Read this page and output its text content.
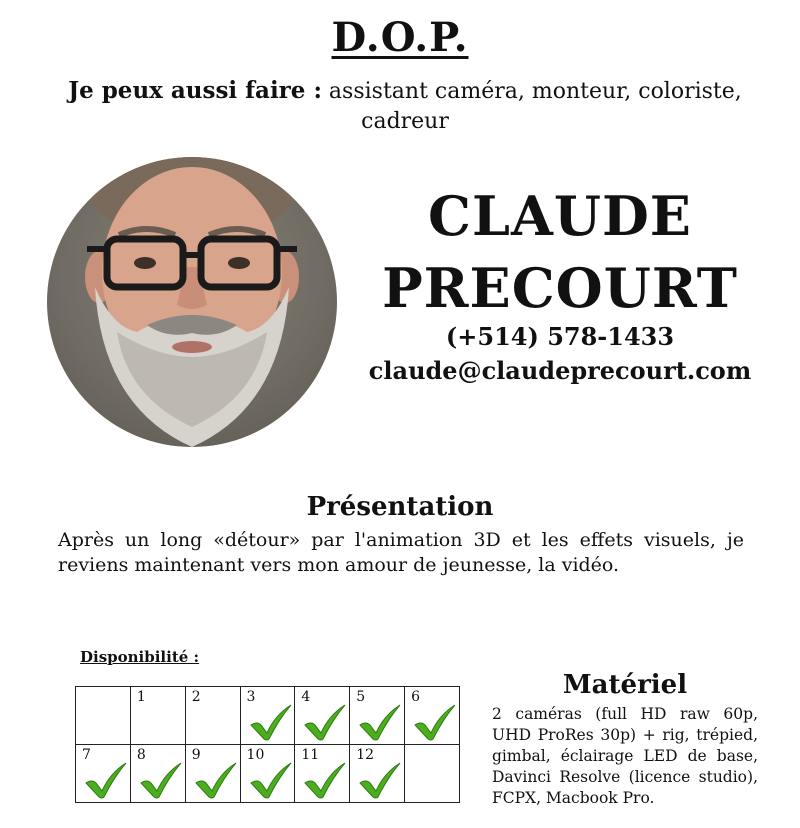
D.O.P.
Je peux aussi faire : assistant caméra, monteur, coloriste, cadreur
CLAUDE
PRECOURT
(+514) 578-1433
claude@claudeprecourt.com
Présentation
Après un long «détour» par l'animation 3D et les effets visuels, je reviens maintenant vers mon amour de jeunesse, la vidéo.
Disponibilité :

	1	2	3	4	5	6

7	8	9	10	11	12	

Matériel
2 caméras (full HD raw 60p, UHD ProRes 30p) + rig, trépied, gimbal, éclairage LED de base, Davinci Resolve (licence studio), FCPX, Macbook Pro.
